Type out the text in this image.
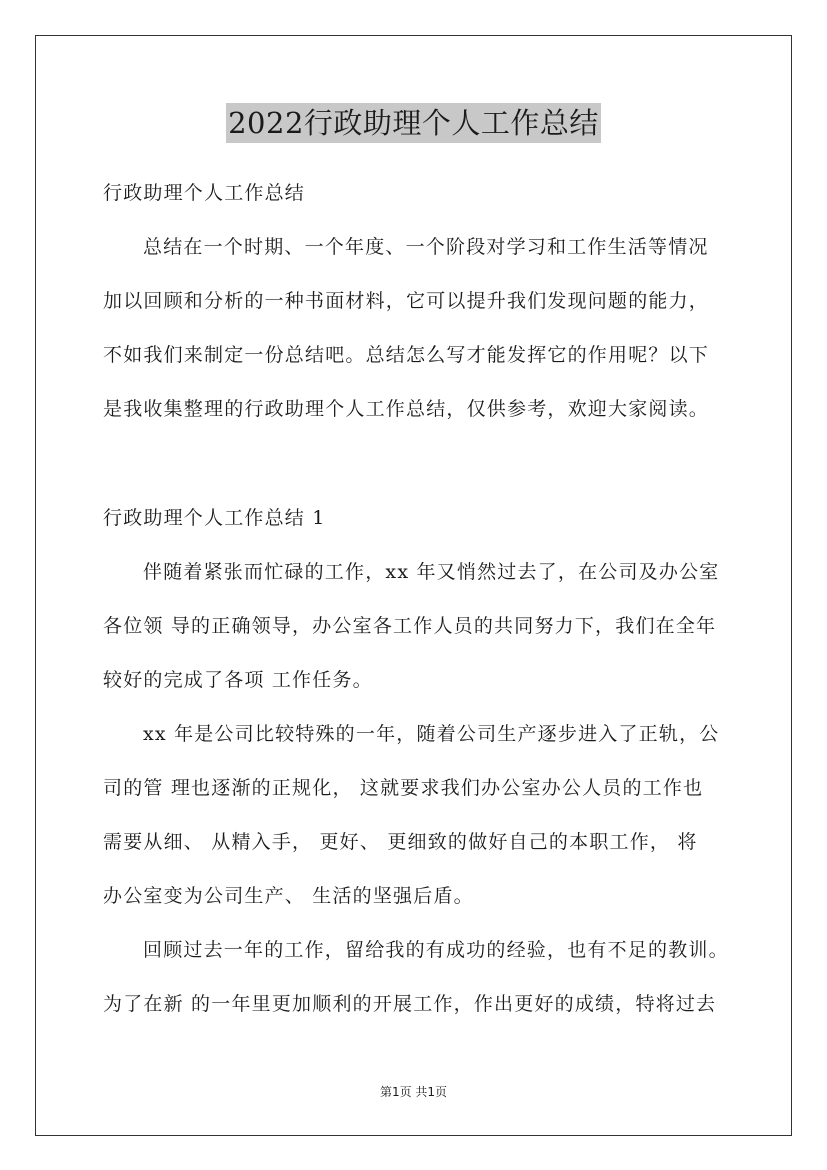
2022行政助理个人工作总结
行政助理个人工作总结
总结在一个时期、一个年度、一个阶段对学习和工作生活等情况
加以回顾和分析的一种书面材料，它可以提升我们发现问题的能力，
不如我们来制定一份总结吧。总结怎么写才能发挥它的作用呢？以下
是我收集整理的行政助理个人工作总结，仅供参考，欢迎大家阅读。
行政助理个人工作总结 1
伴随着紧张而忙碌的工作，xx 年又悄然过去了，在公司及办公室
各位领 导的正确领导，办公室各工作人员的共同努力下，我们在全年
较好的完成了各项 工作任务。
xx 年是公司比较特殊的一年，随着公司生产逐步进入了正轨，公
司的管 理也逐渐的正规化， 这就要求我们办公室办公人员的工作也
需要从细、 从精入手， 更好、 更细致的做好自己的本职工作， 将
办公室变为公司生产、 生活的坚强后盾。
回顾过去一年的工作，留给我的有成功的经验，也有不足的教训。
为了在新 的一年里更加顺利的开展工作，作出更好的成绩，特将过去
第1页 共1页
